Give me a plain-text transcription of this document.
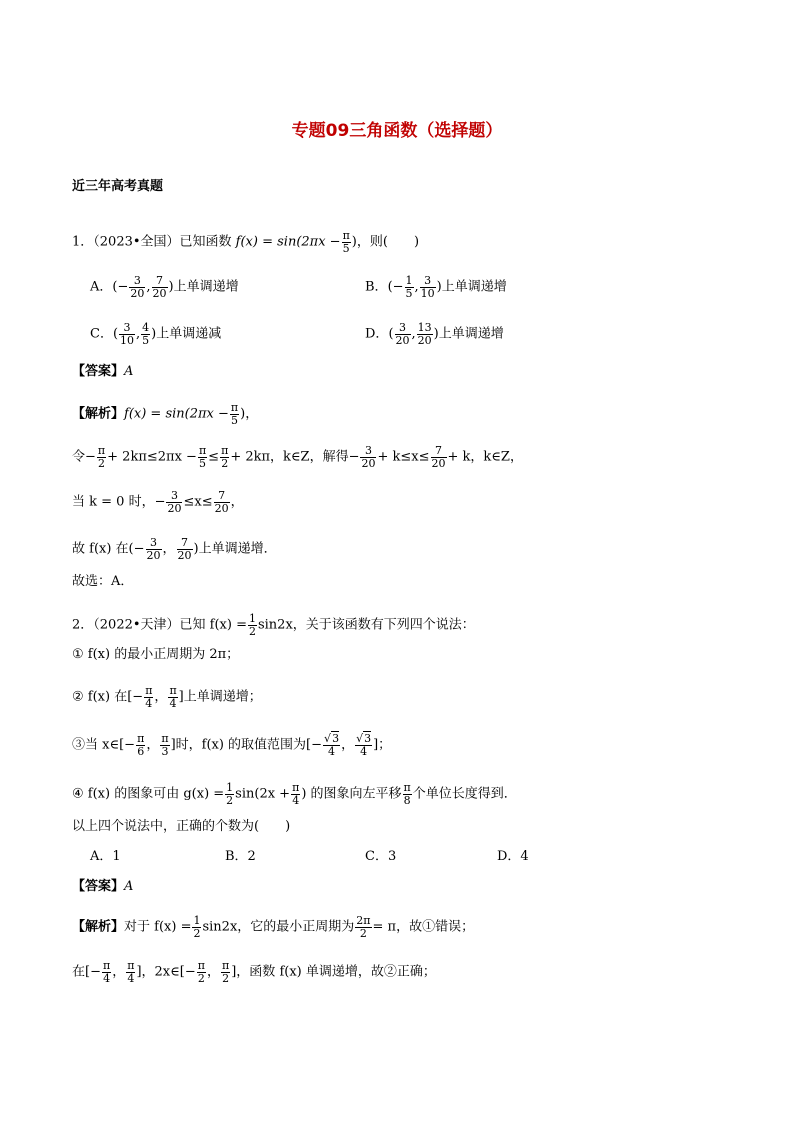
专题09三角函数（选择题）
近三年高考真题
1．（2023•全国）已知函数 $f(x) = \sin(2\pi x - \frac{\pi}{5}$ )，则(　　)
A．(− $\frac{3}{20}$ , $\frac{7}{20}$ )上单调递增	B．(− $\frac{1}{5}$ , $\frac{3}{10}$ )上单调递增
C．( $\frac{3}{10}$ , $\frac{4}{5}$ )上单调递减	D．( $\frac{3}{20}$ , $\frac{13}{20}$ )上单调递增
【答案】A
【解析】$f(x) = \sin(2\pi x - \frac{\pi}{5}$ )，
令− $\frac{\pi}{2} + 2k\pi\le 2\pi x - \frac{\pi}{5} \le \frac{\pi}{2} + 2k\pi$，k∈Z，解得− $\frac{3}{20} + k\le x\le \frac{7}{20} + k$，k∈Z，
当 k = 0 时，− $\frac{3}{20} \le x\le \frac{7}{20}$ ，
故 f(x) 在(− $\frac{3}{20}$ ， $\frac{7}{20}$ )上单调递增．
故选：A．
2．（2022•天津）已知 $f(x) = \frac{1}{2} \sin 2x$，关于该函数有下列四个说法：
① f(x) 的最小正周期为 2π；
② f(x) 在[− $\frac{\pi}{4}$ ， $\frac{\pi}{4}$ ]上单调递增；
③当 x∈[− $\frac{\pi}{6}$ ， $\frac{\pi}{3}$ ]时，f(x) 的取值范围为[− $\frac{√3}{4}$ ， $\frac{√3}{4}$ ]；
④ f(x) 的图象可由 $g(x) = \frac{1}{2} \sin(2x + \frac{\pi}{4}$ ) 的图象向左平移 $\frac{\pi}{8}$ 个单位长度得到．
以上四个说法中，正确的个数为(　　)
A．1	B．2	C．3	D．4
【答案】A
【解析】对于 $f(x) = \frac{1}{2} \sin 2x$，它的最小正周期为 $\frac{2\pi}{2} = \pi$，故①错误；
在[− $\frac{\pi}{4}$ ， $\frac{\pi}{4}$ ]，2x∈[− $\frac{\pi}{2}$ ， $\frac{\pi}{2}$ ]，函数 f(x) 单调递增，故②正确；
